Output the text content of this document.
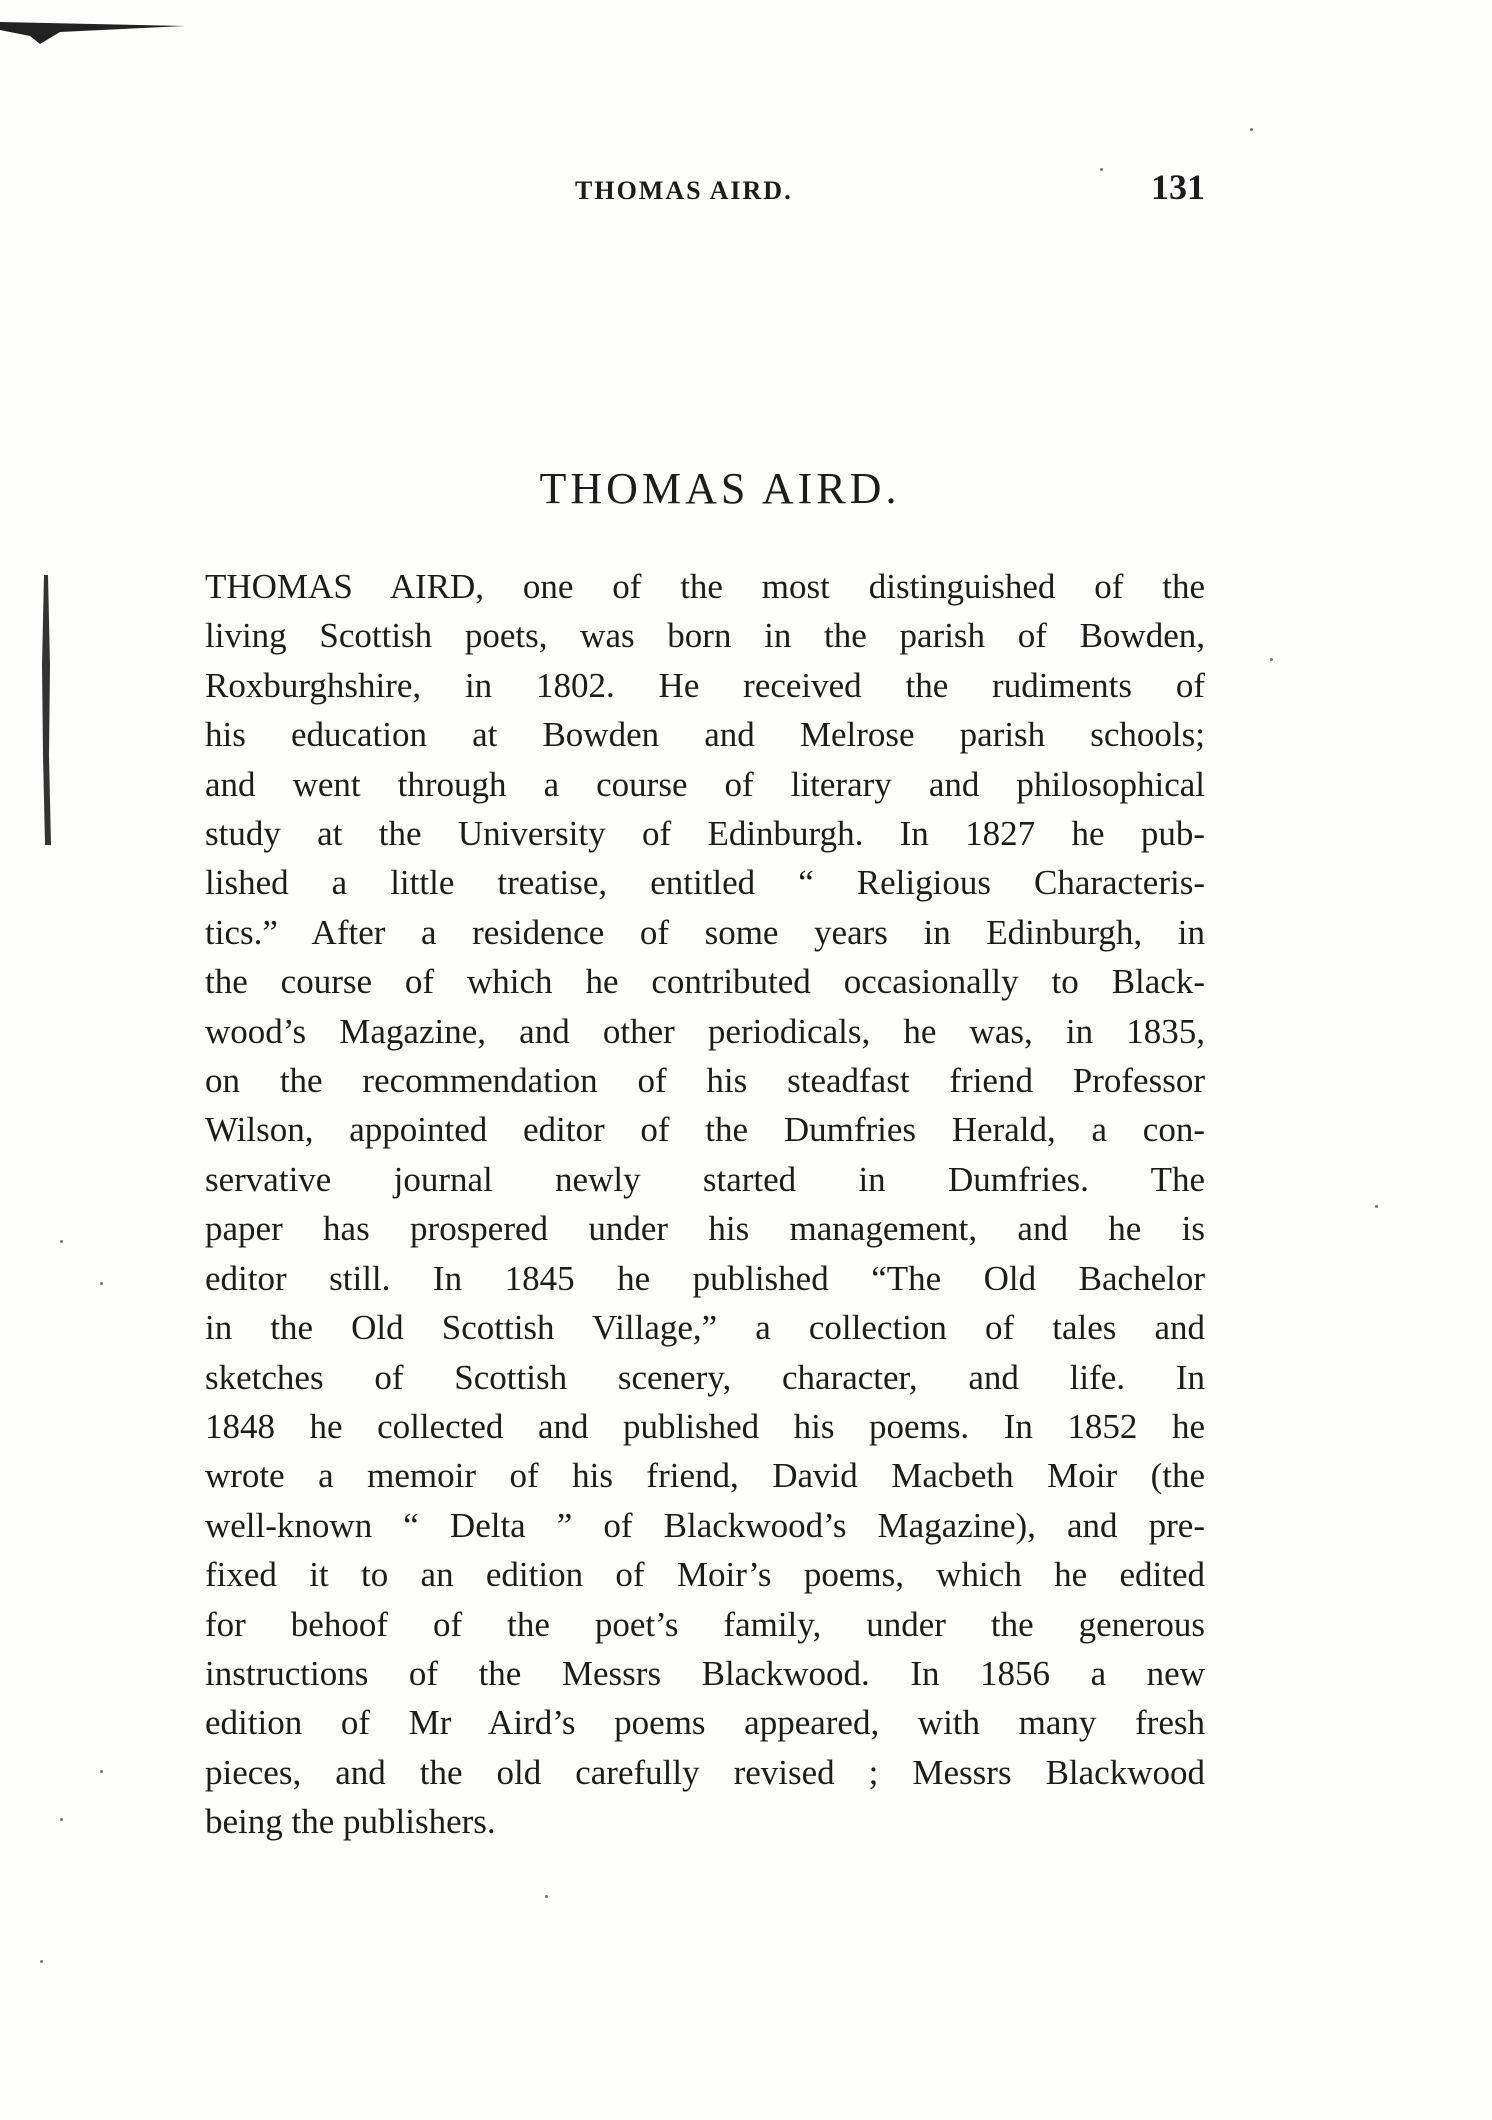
THOMAS AIRD.	131
THOMAS AIRD.
THOMAS AIRD, one of the most distinguished of the
living Scottish poets, was born in the parish of Bowden,
Roxburghshire, in 1802. He received the rudiments of
his education at Bowden and Melrose parish schools;
and went through a course of literary and philosophical
study at the University of Edinburgh. In 1827 he pub-
lished a little treatise, entitled “ Religious Characteris-
tics.” After a residence of some years in Edinburgh, in
the course of which he contributed occasionally to Black-
wood’s Magazine, and other periodicals, he was, in 1835,
on the recommendation of his steadfast friend Professor
Wilson, appointed editor of the Dumfries Herald, a con-
servative journal newly started in Dumfries. The
paper has prospered under his management, and he is
editor still. In 1845 he published “The Old Bachelor
in the Old Scottish Village,” a collection of tales and
sketches of Scottish scenery, character, and life. In
1848 he collected and published his poems. In 1852 he
wrote a memoir of his friend, David Macbeth Moir (the
well-known “ Delta ” of Blackwood’s Magazine), and pre-
fixed it to an edition of Moir’s poems, which he edited
for behoof of the poet’s family, under the generous
instructions of the Messrs Blackwood. In 1856 a new
edition of Mr Aird’s poems appeared, with many fresh
pieces, and the old carefully revised ; Messrs Blackwood
being the publishers.
